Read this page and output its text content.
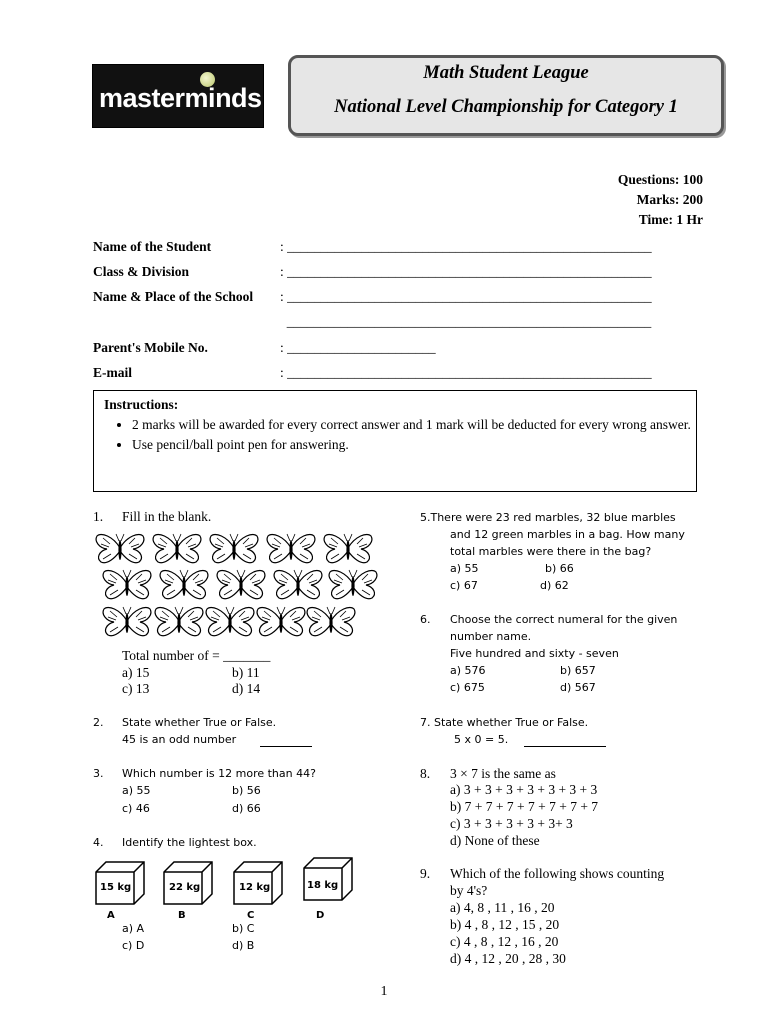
masterminds
Math Student League
National Level Championship for Category 1
Questions: 100
Marks: 200
Time: 1 Hr
Name of the Student	: ______________________________________________________
Class & Division	: ______________________________________________________
Name & Place of the School : ______________________________________________________
______________________________________________________
Parent's Mobile No.	: ______________________
E-mail	: ______________________________________________________
Instructions:
• 2 marks will be awarded for every correct answer and 1 mark will be deducted for every wrong answer.
• Use pencil/ball point pen for answering.
1. Fill in the blank.
Total number of = _______
a) 15	b) 11
c) 13	d) 14
2. State whether True or False.
45 is an odd number
3. Which number is 12 more than 44?
a) 55	b) 56
c) 46	d) 66
4. Identify the lightest box.
15 kg
A
22 kg
B
12 kg
C
18 kg
D
a) A	b) C
c) D	d) B
5.There were 23 red marbles, 32 blue marbles
and 12 green marbles in a bag. How many
total marbles were there in the bag?
a) 55	b) 66
c) 67	d) 62
6. Choose the correct numeral for the given
number name.
Five hundred and sixty - seven
a) 576	b) 657
c) 675	d) 567
7. State whether True or False.
5 x 0 = 5.
8. 3 × 7 is the same as
a) 3 + 3 + 3 + 3 + 3 + 3 + 3
b) 7 + 7 + 7 + 7 + 7 + 7 + 7
c) 3 + 3 + 3 + 3 + 3+ 3
d) None of these
9. Which of the following shows counting
by 4's?
a) 4, 8 , 11 , 16 , 20
b) 4 , 8 , 12 , 15 , 20
c) 4 , 8 , 12 , 16 , 20
d) 4 , 12 , 20 , 28 , 30
1
